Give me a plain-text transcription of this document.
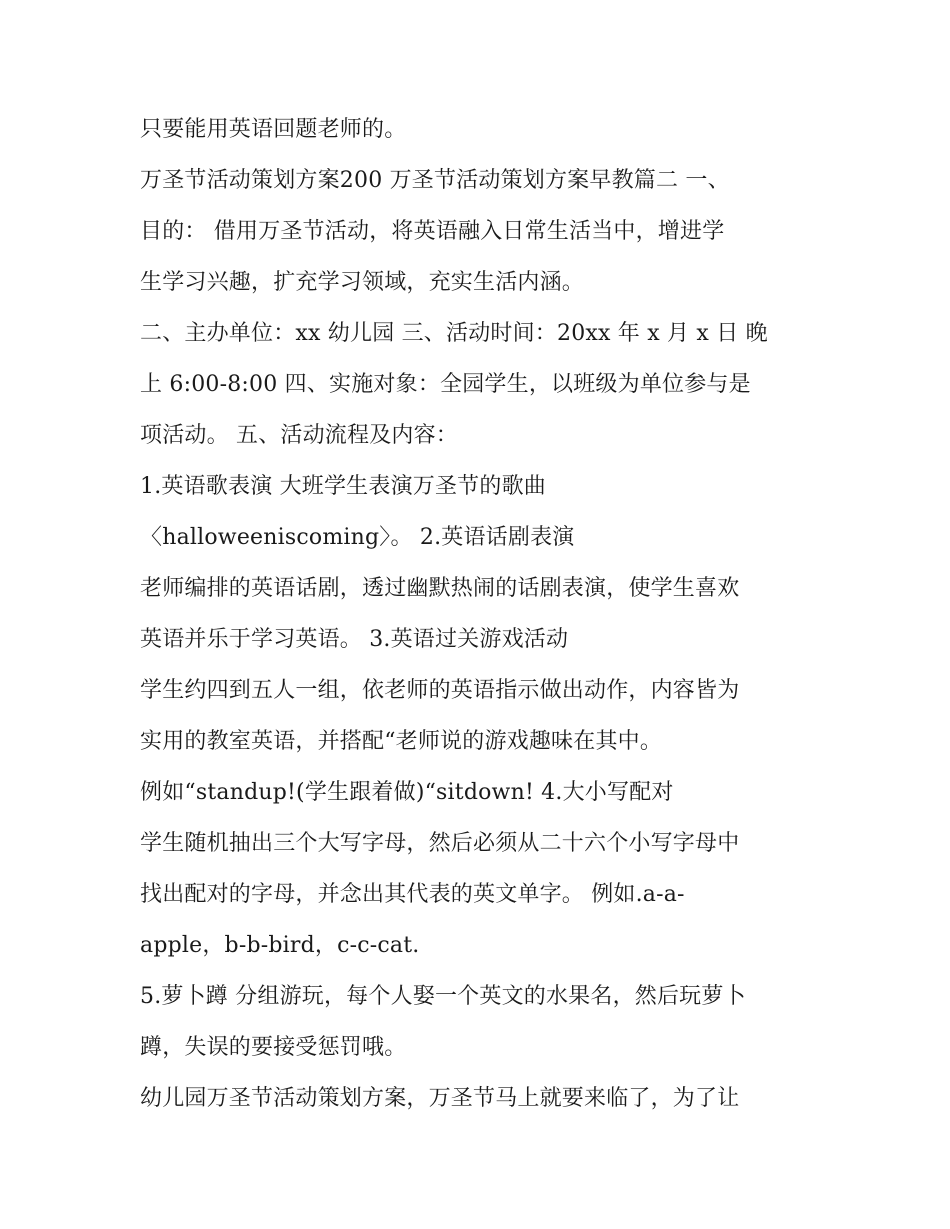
只要能用英语回题老师的。

万圣节活动策划方案200 万圣节活动策划方案早教篇二 一、

目的： 借用万圣节活动，将英语融入日常生活当中，增进学

生学习兴趣，扩充学习领域，充实生活内涵。

二、主办单位：xx 幼儿园 三、活动时间：20xx 年 x 月 x 日 晚

上 6:00-8:00 四、实施对象：全园学生，以班级为单位参与是

项活动。 五、活动流程及内容：

1.英语歌表演 大班学生表演万圣节的歌曲

〈halloweeniscoming〉。 2.英语话剧表演

老师编排的英语话剧，透过幽默热闹的话剧表演，使学生喜欢

英语并乐于学习英语。 3.英语过关游戏活动

学生约四到五人一组，依老师的英语指示做出动作，内容皆为

实用的教室英语，并搭配“老师说的游戏趣味在其中。

例如“standup!(学生跟着做)“sitdown! 4.大小写配对

学生随机抽出三个大写字母，然后必须从二十六个小写字母中

找出配对的字母，并念出其代表的英文单字。 例如.a-a-

apple，b-b-bird，c-c-cat.

5.萝卜蹲 分组游玩，每个人娶一个英文的水果名，然后玩萝卜

蹲，失误的要接受惩罚哦。

幼儿园万圣节活动策划方案，万圣节马上就要来临了，为了让
